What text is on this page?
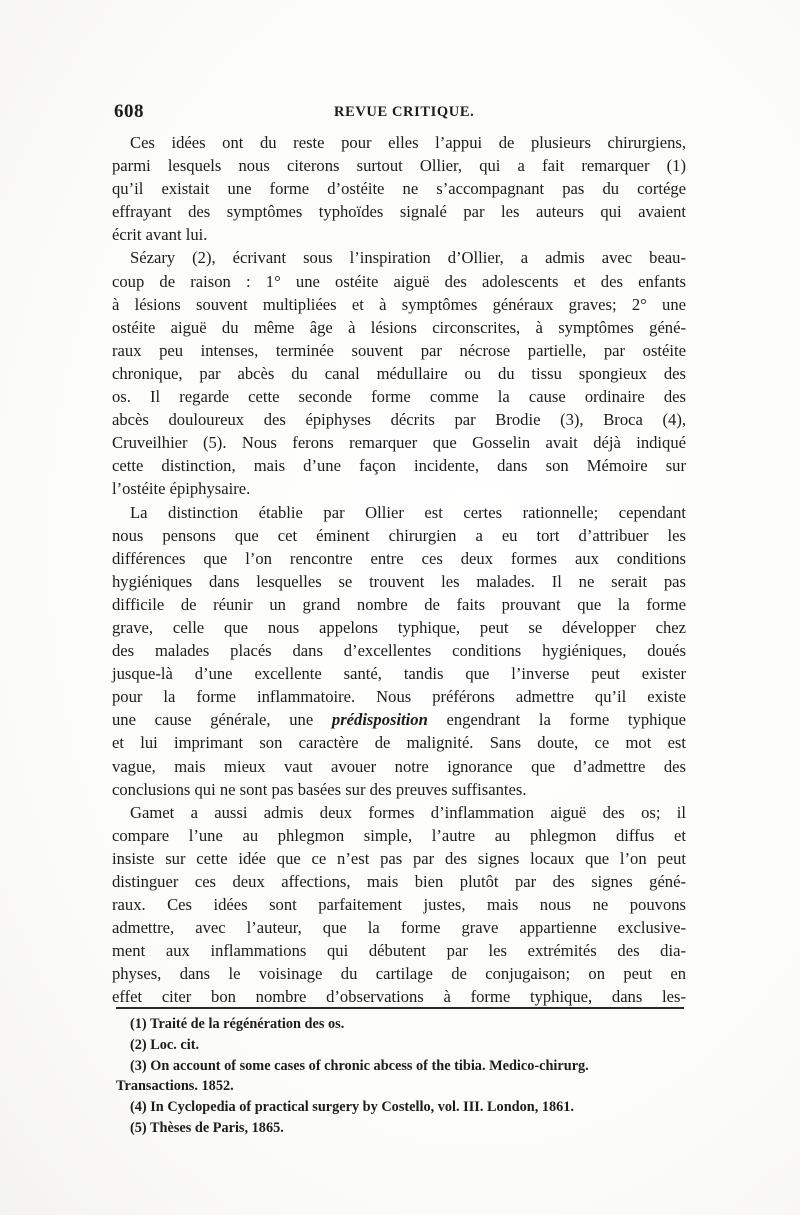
608	REVUE CRITIQUE.
Ces idées ont du reste pour elles l’appui de plusieurs chirurgiens,
parmi lesquels nous citerons surtout Ollier, qui a fait remarquer (1)
qu’il existait une forme d’ostéite ne s’accompagnant pas du cortége
effrayant des symptômes typhoïdes signalé par les auteurs qui avaient
écrit avant lui.
Sézary (2), écrivant sous l’inspiration d’Ollier, a admis avec beau-
coup de raison : 1° une ostéite aiguë des adolescents et des enfants
à lésions souvent multipliées et à symptômes généraux graves; 2° une
ostéite aiguë du même âge à lésions circonscrites, à symptômes géné-
raux peu intenses, terminée souvent par nécrose partielle, par ostéite
chronique, par abcès du canal médullaire ou du tissu spongieux des
os. Il regarde cette seconde forme comme la cause ordinaire des
abcès douloureux des épiphyses décrits par Brodie (3), Broca (4),
Cruveilhier (5). Nous ferons remarquer que Gosselin avait déjà indiqué
cette distinction, mais d’une façon incidente, dans son Mémoire sur
l’ostéite épiphysaire.
La distinction établie par Ollier est certes rationnelle; cependant
nous pensons que cet éminent chirurgien a eu tort d’attribuer les
différences que l’on rencontre entre ces deux formes aux conditions
hygiéniques dans lesquelles se trouvent les malades. Il ne serait pas
difficile de réunir un grand nombre de faits prouvant que la forme
grave, celle que nous appelons typhique, peut se développer chez
des malades placés dans d’excellentes conditions hygiéniques, doués
jusque-là d’une excellente santé, tandis que l’inverse peut exister
pour la forme inflammatoire. Nous préférons admettre qu’il existe
une cause générale, une prédisposition engendrant la forme typhique
et lui imprimant son caractère de malignité. Sans doute, ce mot est
vague, mais mieux vaut avouer notre ignorance que d’admettre des
conclusions qui ne sont pas basées sur des preuves suffisantes.
Gamet a aussi admis deux formes d’inflammation aiguë des os; il
compare l’une au phlegmon simple, l’autre au phlegmon diffus et
insiste sur cette idée que ce n’est pas par des signes locaux que l’on peut
distinguer ces deux affections, mais bien plutôt par des signes géné-
raux. Ces idées sont parfaitement justes, mais nous ne pouvons
admettre, avec l’auteur, que la forme grave appartienne exclusive-
ment aux inflammations qui débutent par les extrémités des dia-
physes, dans le voisinage du cartilage de conjugaison; on peut en
effet citer bon nombre d’observations à forme typhique, dans les-
(1) Traité de la régénération des os.
(2) Loc. cit.
(3) On account of some cases of chronic abcess of the tibia. Medico-chirurg.
Transactions. 1852.
(4) In Cyclopedia of practical surgery by Costello, vol. III. London, 1861.
(5) Thèses de Paris, 1865.
